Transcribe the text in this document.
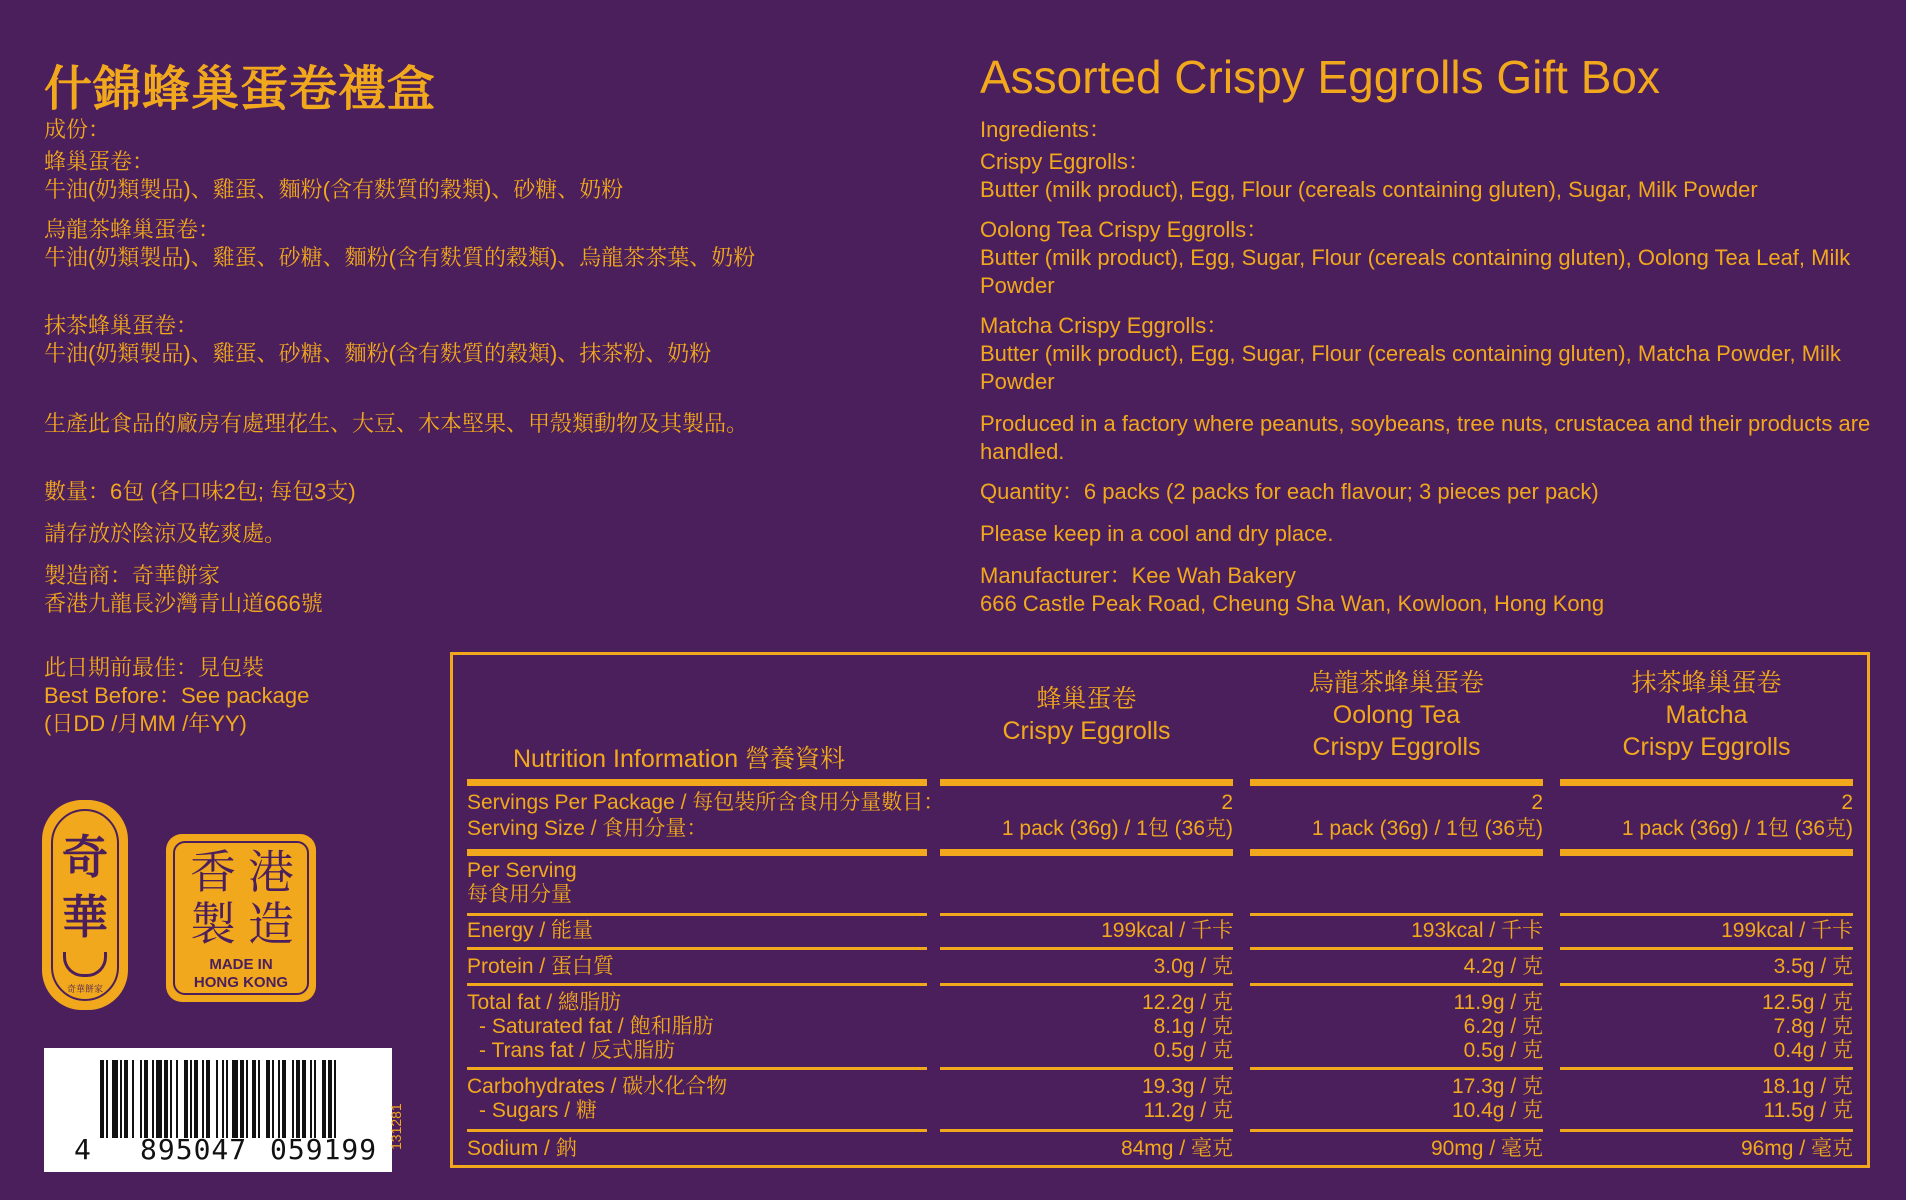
什錦蜂巢蛋卷禮盒	Assorted Crispy Eggrolls Gift Box

成份：

蜂巢蛋卷：

牛油(奶類製品)、雞蛋、麵粉(含有麩質的穀類)、砂糖、奶粉

烏龍茶蜂巢蛋卷：

牛油(奶類製品)、雞蛋、砂糖、麵粉(含有麩質的穀類)、烏龍茶茶葉、奶粉

抹茶蜂巢蛋卷：

牛油(奶類製品)、雞蛋、砂糖、麵粉(含有麩質的穀類)、抹茶粉、奶粉

生產此食品的廠房有處理花生、大豆、木本堅果、甲殼類動物及其製品。

數量：6包 (各口味2包; 每包3支)

請存放於陰涼及乾爽處。

製造商：奇華餅家

香港九龍長沙灣青山道666號

Ingredients：

Crispy Eggrolls：

Butter (milk product), Egg, Flour (cereals containing gluten), Sugar, Milk Powder

Oolong Tea Crispy Eggrolls：

Butter (milk product), Egg, Sugar, Flour (cereals containing gluten), Oolong Tea Leaf, Milk Powder

Matcha Crispy Eggrolls：

Butter (milk product), Egg, Sugar, Flour (cereals containing gluten), Matcha Powder, Milk Powder

Produced in a factory where peanuts, soybeans, tree nuts, crustacea and their products are handled.

Quantity：6 packs (2 packs for each flavour; 3 pieces per pack)

Please keep in a cool and dry place.

Manufacturer：Kee Wah Bakery

666 Castle Peak Road, Cheung Sha Wan, Kowloon, Hong Kong

此日期前最佳：見包裝
Best Before：See package
(日DD /月MM /年YY)
奇
華
奇華餅家
香 港
製 造
MADE IN
HONG KONG
4	895047 059199 131281
Nutrition Information 營養資料
蜂巢蛋卷
Crispy Eggrolls
烏龍茶蜂巢蛋卷
Oolong Tea
Crispy Eggrolls
抹茶蜂巢蛋卷
Matcha
Crispy Eggrolls
Servings Per Package / 每包裝所含食用分量數目：
Serving Size / 食用分量：
Per Serving
每食用分量
Energy / 能量
Protein / 蛋白質
Total fat / 總脂肪
- Saturated fat / 飽和脂肪
- Trans fat / 反式脂肪
Carbohydrates / 碳水化合物
- Sugars / 糖
Sodium / 鈉
2
1 pack (36g) / 1包 (36克)
199kcal / 千卡
3.0g / 克
12.2g / 克
8.1g / 克
0.5g / 克
19.3g / 克
11.2g / 克
84mg / 毫克
2
1 pack (36g) / 1包 (36克)
193kcal / 千卡
4.2g / 克
11.9g / 克
6.2g / 克
0.5g / 克
17.3g / 克
10.4g / 克
90mg / 毫克
2
1 pack (36g) / 1包 (36克)
199kcal / 千卡
3.5g / 克
12.5g / 克
7.8g / 克
0.4g / 克
18.1g / 克
11.5g / 克
96mg / 毫克
